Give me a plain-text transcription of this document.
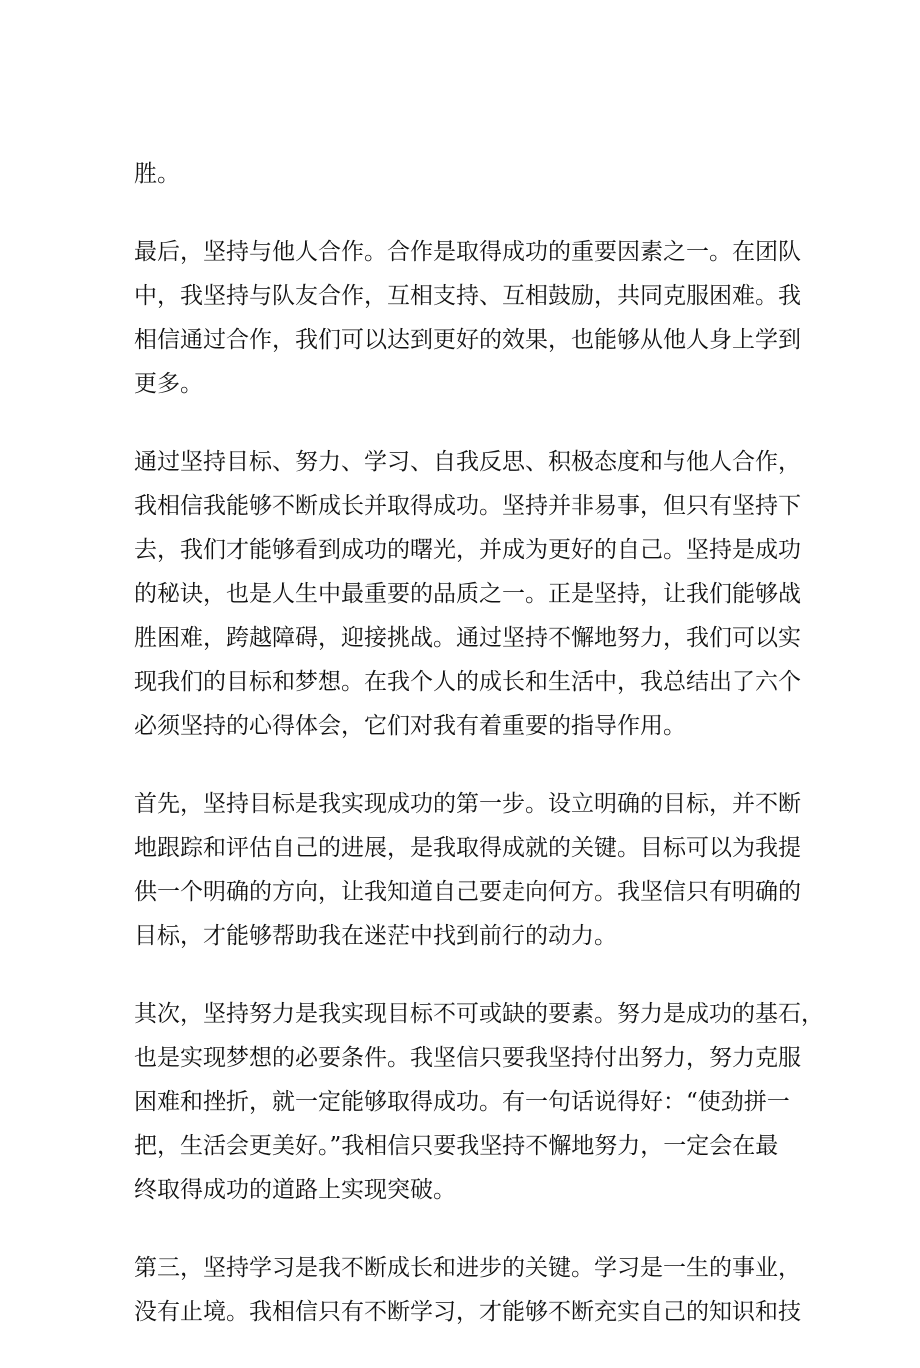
胜。

最后，坚持与他人合作。合作是取得成功的重要因素之一。在团队
中，我坚持与队友合作，互相支持、互相鼓励，共同克服困难。我
相信通过合作，我们可以达到更好的效果，也能够从他人身上学到
更多。

通过坚持目标、努力、学习、自我反思、积极态度和与他人合作，
我相信我能够不断成长并取得成功。坚持并非易事，但只有坚持下
去，我们才能够看到成功的曙光，并成为更好的自己。坚持是成功
的秘诀，也是人生中最重要的品质之一。正是坚持，让我们能够战
胜困难，跨越障碍，迎接挑战。通过坚持不懈地努力，我们可以实
现我们的目标和梦想。在我个人的成长和生活中，我总结出了六个
必须坚持的心得体会，它们对我有着重要的指导作用。

首先，坚持目标是我实现成功的第一步。设立明确的目标，并不断
地跟踪和评估自己的进展，是我取得成就的关键。目标可以为我提
供一个明确的方向，让我知道自己要走向何方。我坚信只有明确的
目标，才能够帮助我在迷茫中找到前行的动力。

其次，坚持努力是我实现目标不可或缺的要素。努力是成功的基石，
也是实现梦想的必要条件。我坚信只要我坚持付出努力，努力克服
困难和挫折，就一定能够取得成功。有一句话说得好：“使劲拼一
把，生活会更美好。”我相信只要我坚持不懈地努力，一定会在最
终取得成功的道路上实现突破。

第三，坚持学习是我不断成长和进步的关键。学习是一生的事业，
没有止境。我相信只有不断学习，才能够不断充实自己的知识和技
